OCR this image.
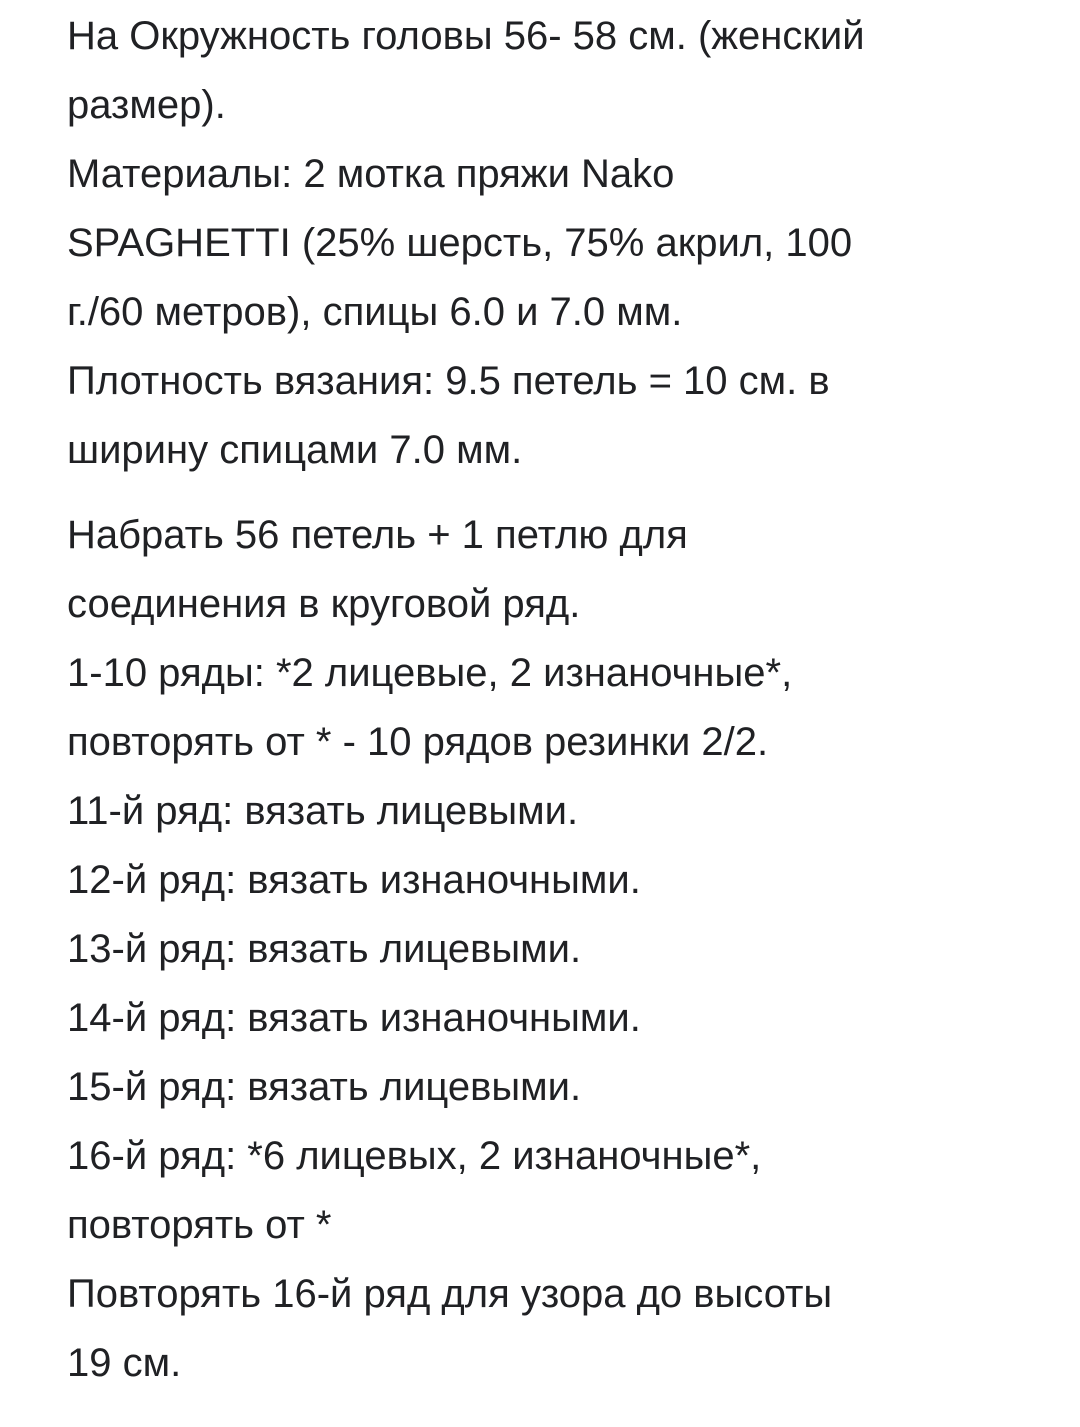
На Окружность головы 56- 58 см. (женский
размер).
Материалы: 2 мотка пряжи Nako
SPAGHETTI (25% шерсть, 75% акрил, 100
г./60 метров), спицы 6.0 и 7.0 мм.
Плотность вязания: 9.5 петель = 10 см. в
ширину спицами 7.0 мм.
Набрать 56 петель + 1 петлю для
соединения в круговой ряд.
1-10 ряды: *2 лицевые, 2 изнаночные*,
повторять от * - 10 рядов резинки 2/2.
11-й ряд: вязать лицевыми.
12-й ряд: вязать изнаночными.
13-й ряд: вязать лицевыми.
14-й ряд: вязать изнаночными.
15-й ряд: вязать лицевыми.
16-й ряд: *6 лицевых, 2 изнаночные*,
повторять от *
Повторять 16-й ряд для узора до высоты
19 см.
